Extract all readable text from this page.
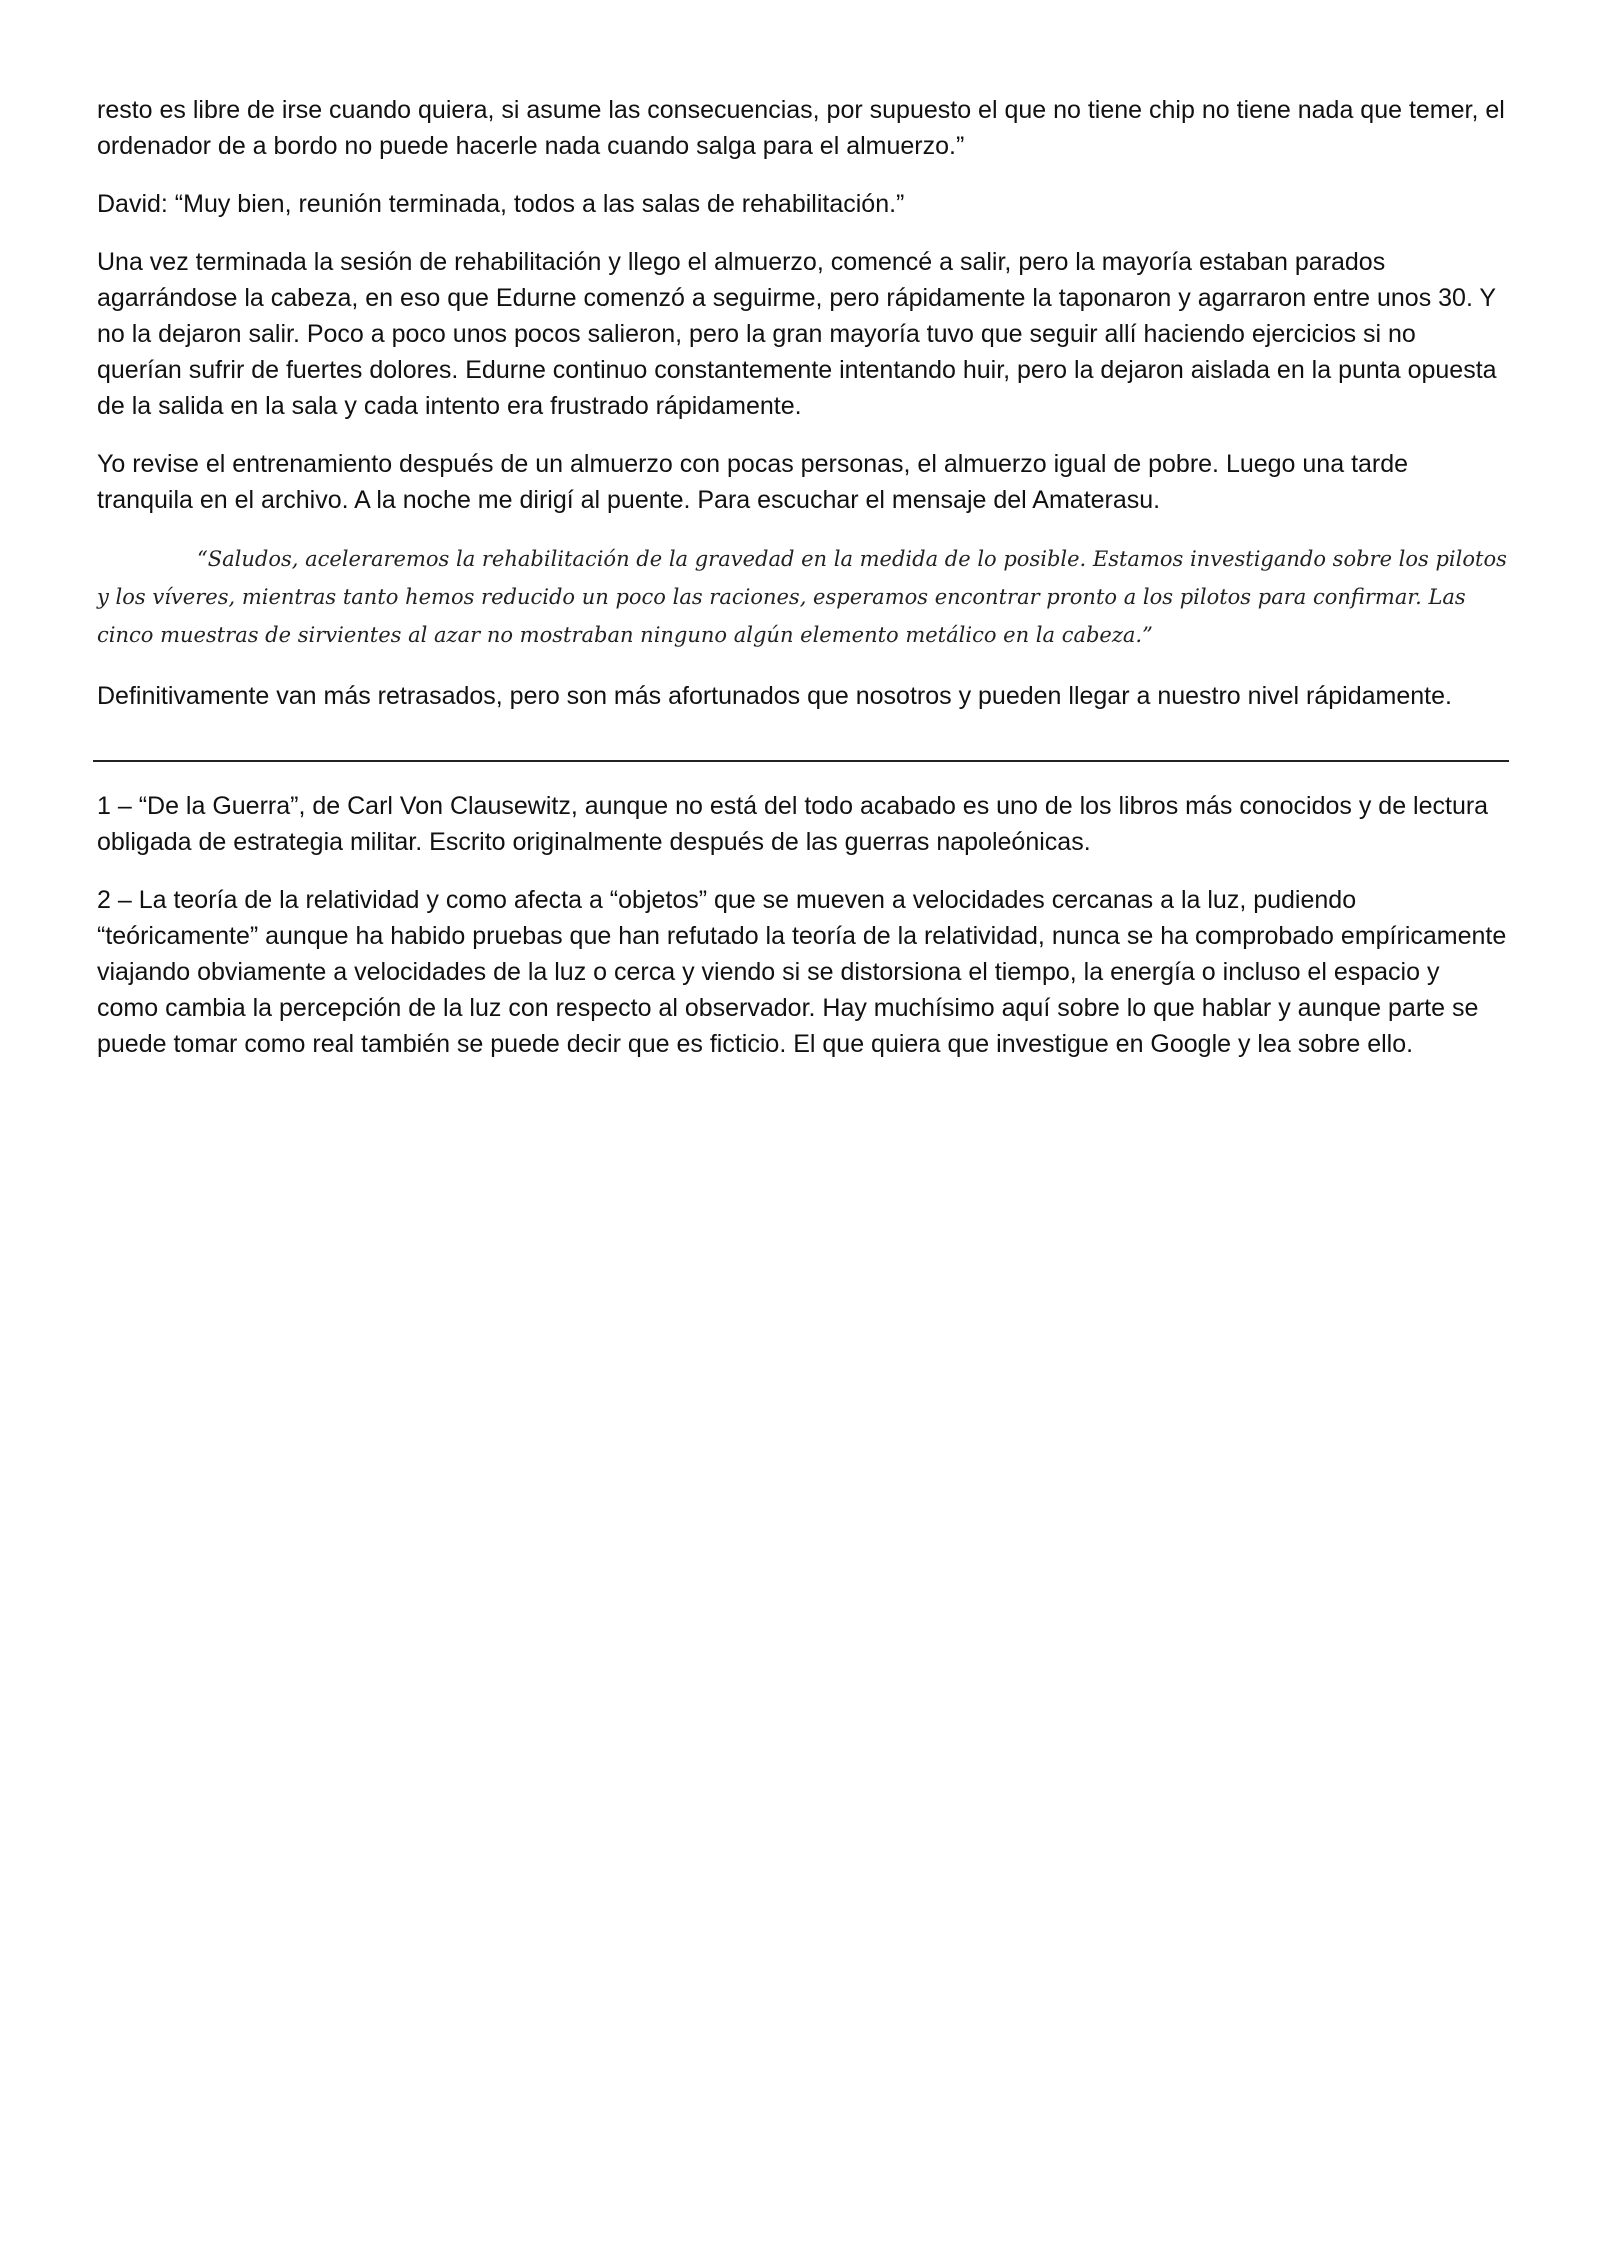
resto es libre de irse cuando quiera, si asume las consecuencias, por supuesto el que no tiene chip no tiene nada que temer, el ordenador de a bordo no puede hacerle nada cuando salga para el almuerzo.”

David: “Muy bien, reunión terminada, todos a las salas de rehabilitación.”

Una vez terminada la sesión de rehabilitación y llego el almuerzo, comencé a salir, pero la mayoría estaban parados agarrándose la cabeza, en eso que Edurne comenzó a seguirme, pero rápidamente la taponaron y agarraron entre unos 30. Y no la dejaron salir. Poco a poco unos pocos salieron, pero la gran mayoría tuvo que seguir allí haciendo ejercicios si no querían sufrir de fuertes dolores. Edurne continuo constantemente intentando huir, pero la dejaron aislada en la punta opuesta de la salida en la sala y cada intento era frustrado rápidamente.

Yo revise el entrenamiento después de un almuerzo con pocas personas, el almuerzo igual de pobre. Luego una tarde tranquila en el archivo. A la noche me dirigí al puente. Para escuchar el mensaje del Amaterasu.

“Saludos, aceleraremos la rehabilitación de la gravedad en la medida de lo posible. Estamos investigando sobre los pilotos y los víveres, mientras tanto hemos reducido un poco las raciones, esperamos encontrar pronto a los pilotos para confirmar. Las cinco muestras de sirvientes al azar no mostraban ninguno algún elemento metálico en la cabeza.”

Definitivamente van más retrasados, pero son más afortunados que nosotros y pueden llegar a nuestro nivel rápidamente.

1 – “De la Guerra”, de Carl Von Clausewitz, aunque no está del todo acabado es uno de los libros más conocidos y de lectura obligada de estrategia militar. Escrito originalmente después de las guerras napoleónicas.

2 – La teoría de la relatividad y como afecta a “objetos” que se mueven a velocidades cercanas a la luz, pudiendo “teóricamente” aunque ha habido pruebas que han refutado la teoría de la relatividad, nunca se ha comprobado empíricamente viajando obviamente a velocidades de la luz o cerca y viendo si se distorsiona el tiempo, la energía o incluso el espacio y como cambia la percepción de la luz con respecto al observador. Hay muchísimo aquí sobre lo que hablar y aunque parte se puede tomar como real también se puede decir que es ficticio. El que quiera que investigue en Google y lea sobre ello.
